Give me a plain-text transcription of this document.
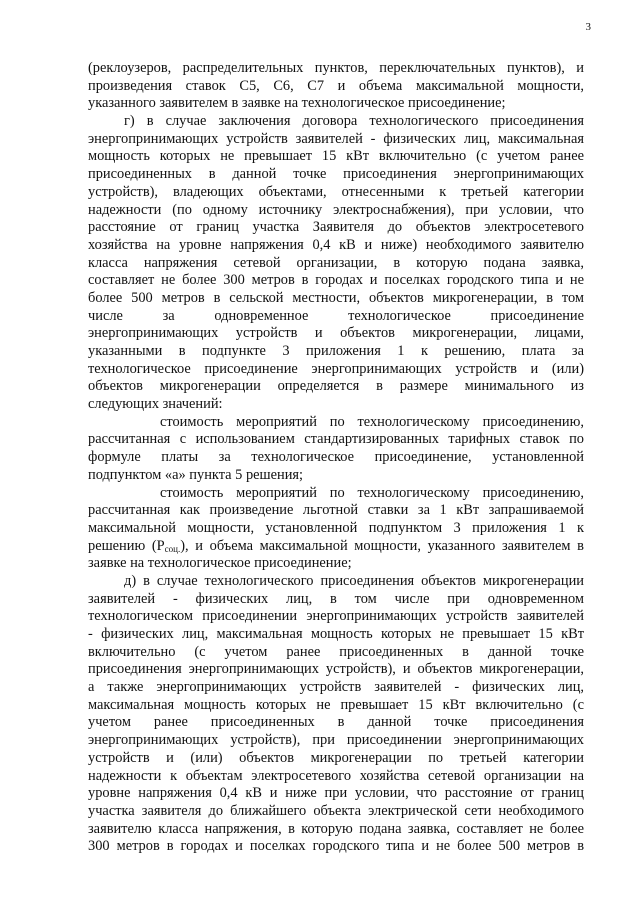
3
(реклоузеров, распределительных пунктов, переключательных пунктов), и
произведения ставок С5, С6, С7 и объема максимальной мощности,
указанного заявителем в заявке на технологическое присоединение;
г) в случае заключения договора технологического присоединения
энергопринимающих устройств заявителей - физических лиц, максимальная
мощность которых не превышает 15 кВт включительно (с учетом ранее
присоединенных в данной точке присоединения энергопринимающих
устройств), владеющих объектами, отнесенными к третьей категории
надежности (по одному источнику электроснабжения), при условии, что
расстояние от границ участка Заявителя до объектов электросетевого
хозяйства на уровне напряжения 0,4 кВ и ниже) необходимого заявителю
класса напряжения сетевой организации, в которую подана заявка,
составляет не более 300 метров в городах и поселках городского типа и не
более 500 метров в сельской местности, объектов микрогенерации, в том
числе за одновременное технологическое присоединение
энергопринимающих устройств и объектов микрогенерации, лицами,
указанными в подпункте 3 приложения 1 к решению, плата за
технологическое присоединение энергопринимающих устройств и (или)
объектов микрогенерации определяется в размере минимального из
следующих значений:
стоимость мероприятий по технологическому присоединению,
рассчитанная с использованием стандартизированных тарифных ставок по
формуле платы за технологическое присоединение, установленной
подпунктом «а» пункта 5 решения;
стоимость мероприятий по технологическому присоединению,
рассчитанная как произведение льготной ставки за 1 кВт запрашиваемой
максимальной мощности, установленной подпунктом 3 приложения 1 к
решению $(Р_{соц.})$, и объема максимальной мощности, указанного заявителем в
заявке на технологическое присоединение;
д) в случае технологического присоединения объектов микрогенерации
заявителей - физических лиц, в том числе при одновременном
технологическом присоединении энергопринимающих устройств заявителей
- физических лиц, максимальная мощность которых не превышает 15 кВт
включительно (с учетом ранее присоединенных в данной точке
присоединения энергопринимающих устройств), и объектов микрогенерации,
а также энергопринимающих устройств заявителей - физических лиц,
максимальная мощность которых не превышает 15 кВт включительно (с
учетом ранее присоединенных в данной точке присоединения
энергопринимающих устройств), при присоединении энергопринимающих
устройств и (или) объектов микрогенерации по третьей категории
надежности к объектам электросетевого хозяйства сетевой организации на
уровне напряжения 0,4 кВ и ниже при условии, что расстояние от границ
участка заявителя до ближайшего объекта электрической сети необходимого
заявителю класса напряжения, в которую подана заявка, составляет не более
300 метров в городах и поселках городского типа и не более 500 метров в
